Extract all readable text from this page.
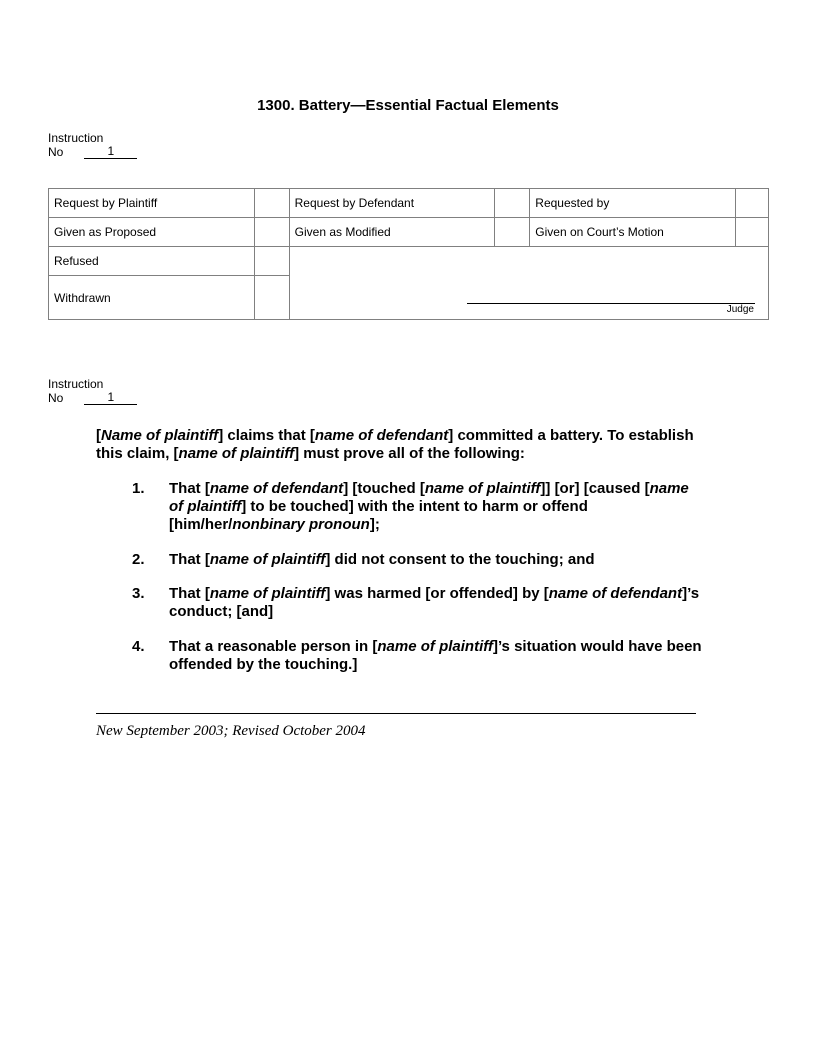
1300. Battery—Essential Factual Elements
Instruction
No	1
Request by Plaintiff		Request by Defendant		Requested by	
Given as Proposed		Given as Modified		Given on Court’s Motion	
Refused		Judge			

Withdrawn					
Instruction
No	1
[Name of plaintiff] claims that [name of defendant] committed a battery. To establish this claim, [name of plaintiff] must prove all of the following:
1.	That [name of defendant] [touched [name of plaintiff]] [or] [caused [name of plaintiff] to be touched] with the intent to harm or offend [him/her/nonbinary pronoun];
2.	That [name of plaintiff] did not consent to the touching; and
3.	That [name of plaintiff] was harmed [or offended] by [name of defendant]’s conduct; [and]
4.	That a reasonable person in [name of plaintiff]’s situation would have been offended by the touching.]
New September 2003; Revised October 2004
